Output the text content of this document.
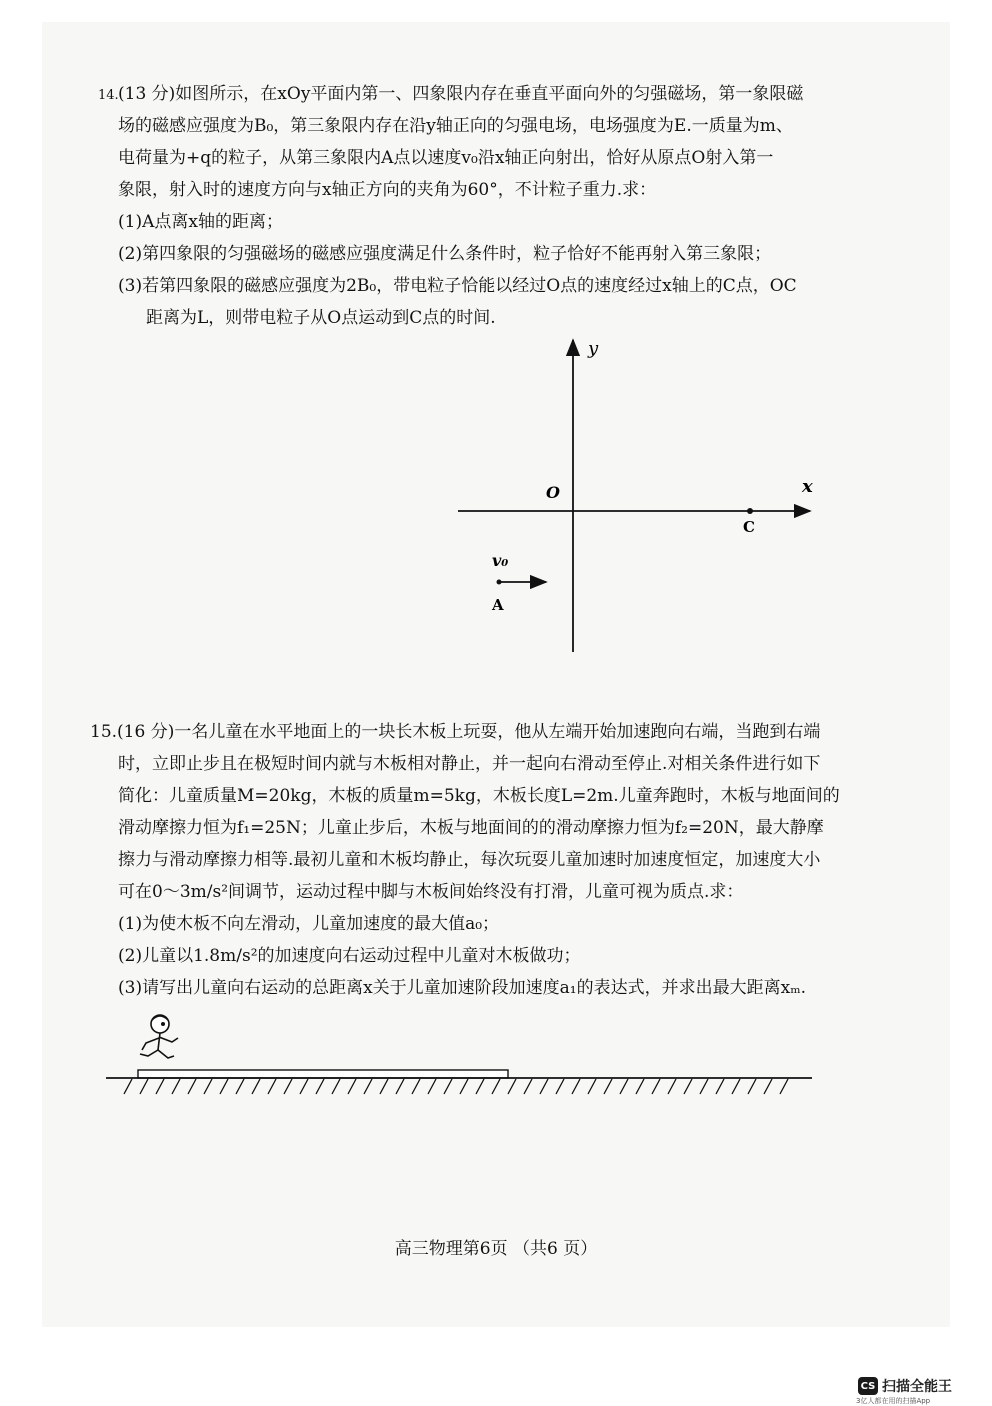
14. (13 分)如图所示，在xOy平面内第一、四象限内存在垂直平面向外的匀强磁场，第一象限磁

场的磁感应强度为B₀，第三象限内存在沿y轴正向的匀强电场，电场强度为E.一质量为m、

电荷量为+q的粒子，从第三象限内A点以速度v₀沿x轴正向射出，恰好从原点O射入第一

象限，射入时的速度方向与x轴正方向的夹角为60°，不计粒子重力.求：

(1)A点离x轴的距离；

(2)第四象限的匀强磁场的磁感应强度满足什么条件时，粒子恰好不能再射入第三象限；

(3)若第四象限的磁感应强度为2B₀，带电粒子恰能以经过O点的速度经过x轴上的C点，OC

距离为L，则带电粒子从O点运动到C点的时间.

y
x
O
C
v₀
A

15.(16 分)一名儿童在水平地面上的一块长木板上玩耍，他从左端开始加速跑向右端，当跑到右端

时，立即止步且在极短时间内就与木板相对静止，并一起向右滑动至停止.对相关条件进行如下

简化：儿童质量M=20kg，木板的质量m=5kg，木板长度L=2m.儿童奔跑时，木板与地面间的

滑动摩擦力恒为f₁=25N；儿童止步后，木板与地面间的的滑动摩擦力恒为f₂=20N，最大静摩

擦力与滑动摩擦力相等.最初儿童和木板均静止，每次玩耍儿童加速时加速度恒定，加速度大小

可在0～3m/s²间调节，运动过程中脚与木板间始终没有打滑，儿童可视为质点.求：

(1)为使木板不向左滑动，儿童加速度的最大值a₀；

(2)儿童以1.8m/s²的加速度向右运动过程中儿童对木板做功；

(3)请写出儿童向右运动的总距离x关于儿童加速阶段加速度a₁的表达式，并求出最大距离xₘ.

高三物理第6页 （共6 页）
CS 扫描全能王
3亿人都在用的扫描App
